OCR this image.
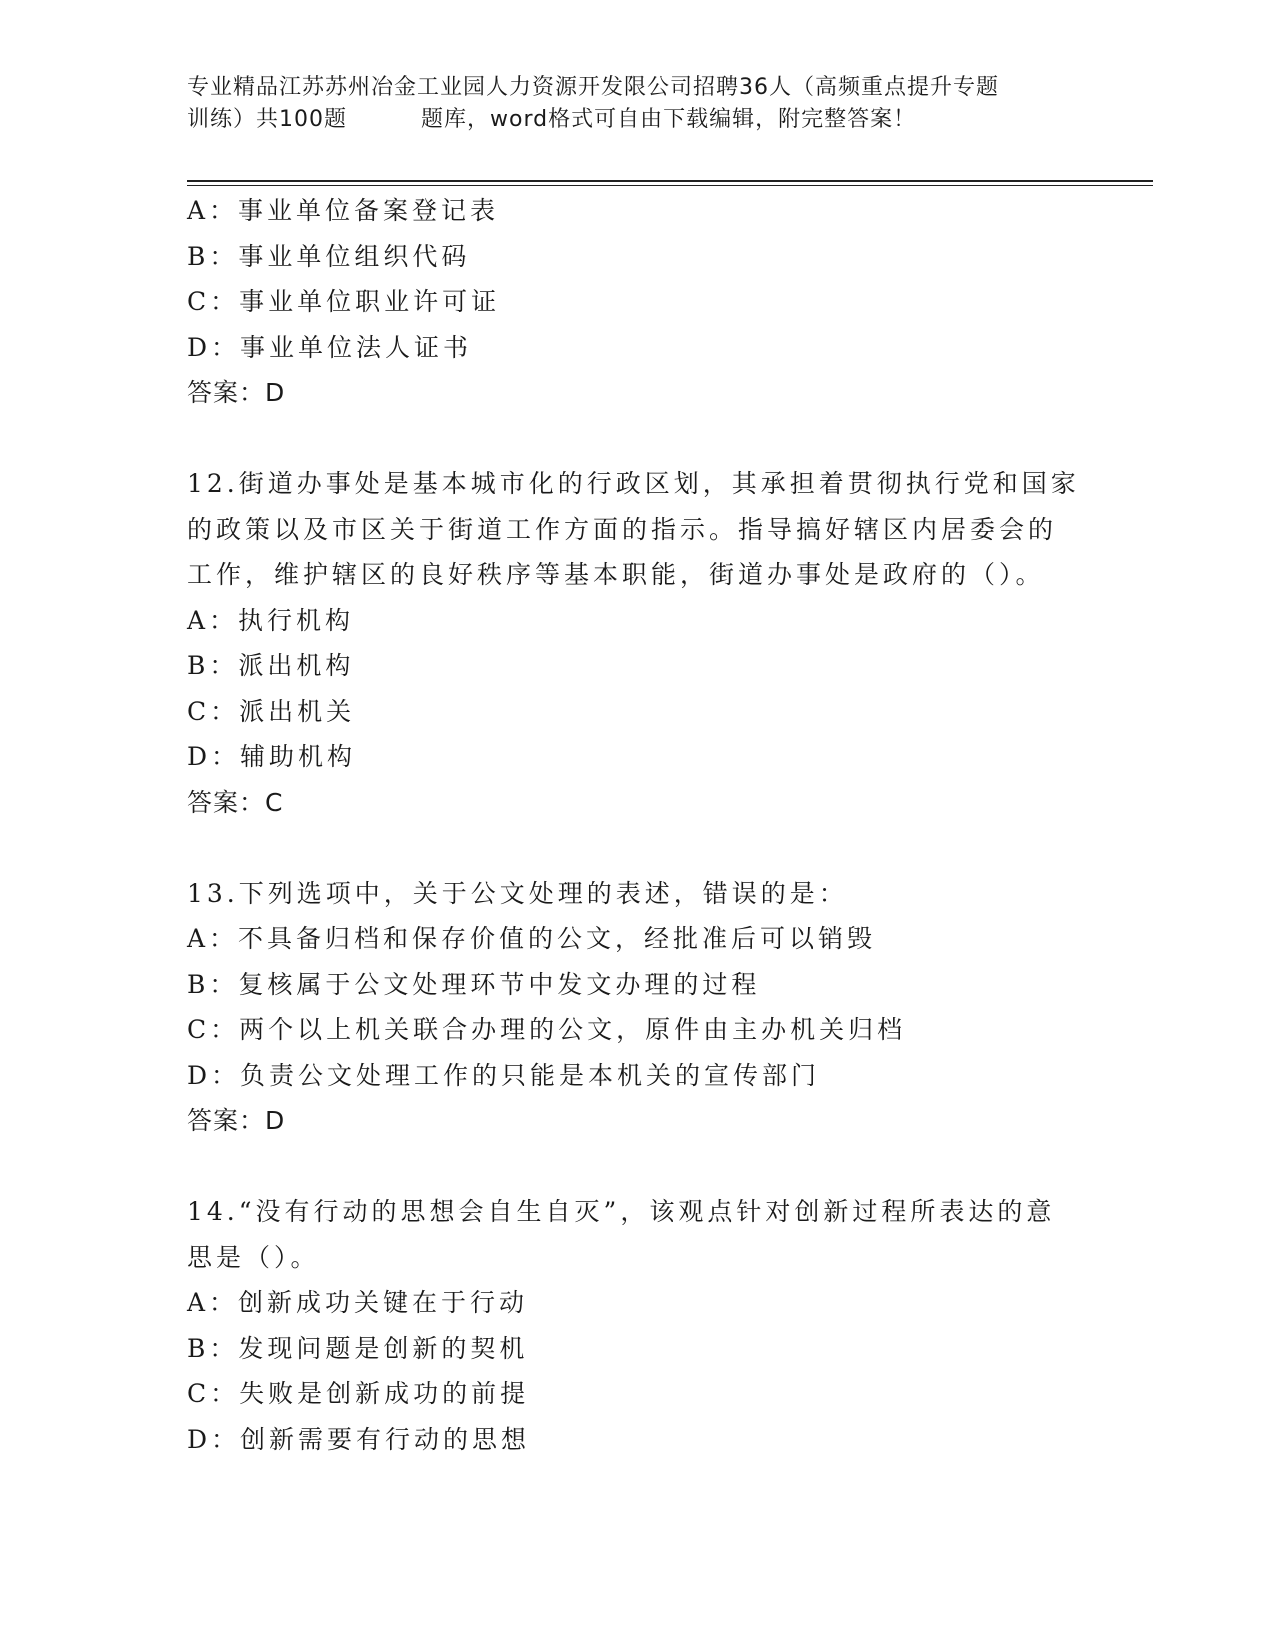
专业精品江苏苏州冶金工业园人力资源开发限公司招聘36人（高频重点提升专题
训练）共100题	题库，word格式可自由下载编辑，附完整答案！
A：事业单位备案登记表
B：事业单位组织代码
C：事业单位职业许可证
D：事业单位法人证书
答案：D
12.街道办事处是基本城市化的行政区划，其承担着贯彻执行党和国家
的政策以及市区关于街道工作方面的指示。指导搞好辖区内居委会的
工作，维护辖区的良好秩序等基本职能，街道办事处是政府的（）。
A：执行机构
B：派出机构
C：派出机关
D：辅助机构
答案：C
13.下列选项中，关于公文处理的表述，错误的是：
A：不具备归档和保存价值的公文，经批准后可以销毁
B：复核属于公文处理环节中发文办理的过程
C：两个以上机关联合办理的公文，原件由主办机关归档
D：负责公文处理工作的只能是本机关的宣传部门
答案：D
14.“没有行动的思想会自生自灭”，该观点针对创新过程所表达的意
思是（）。
A：创新成功关键在于行动
B：发现问题是创新的契机
C：失败是创新成功的前提
D：创新需要有行动的思想
